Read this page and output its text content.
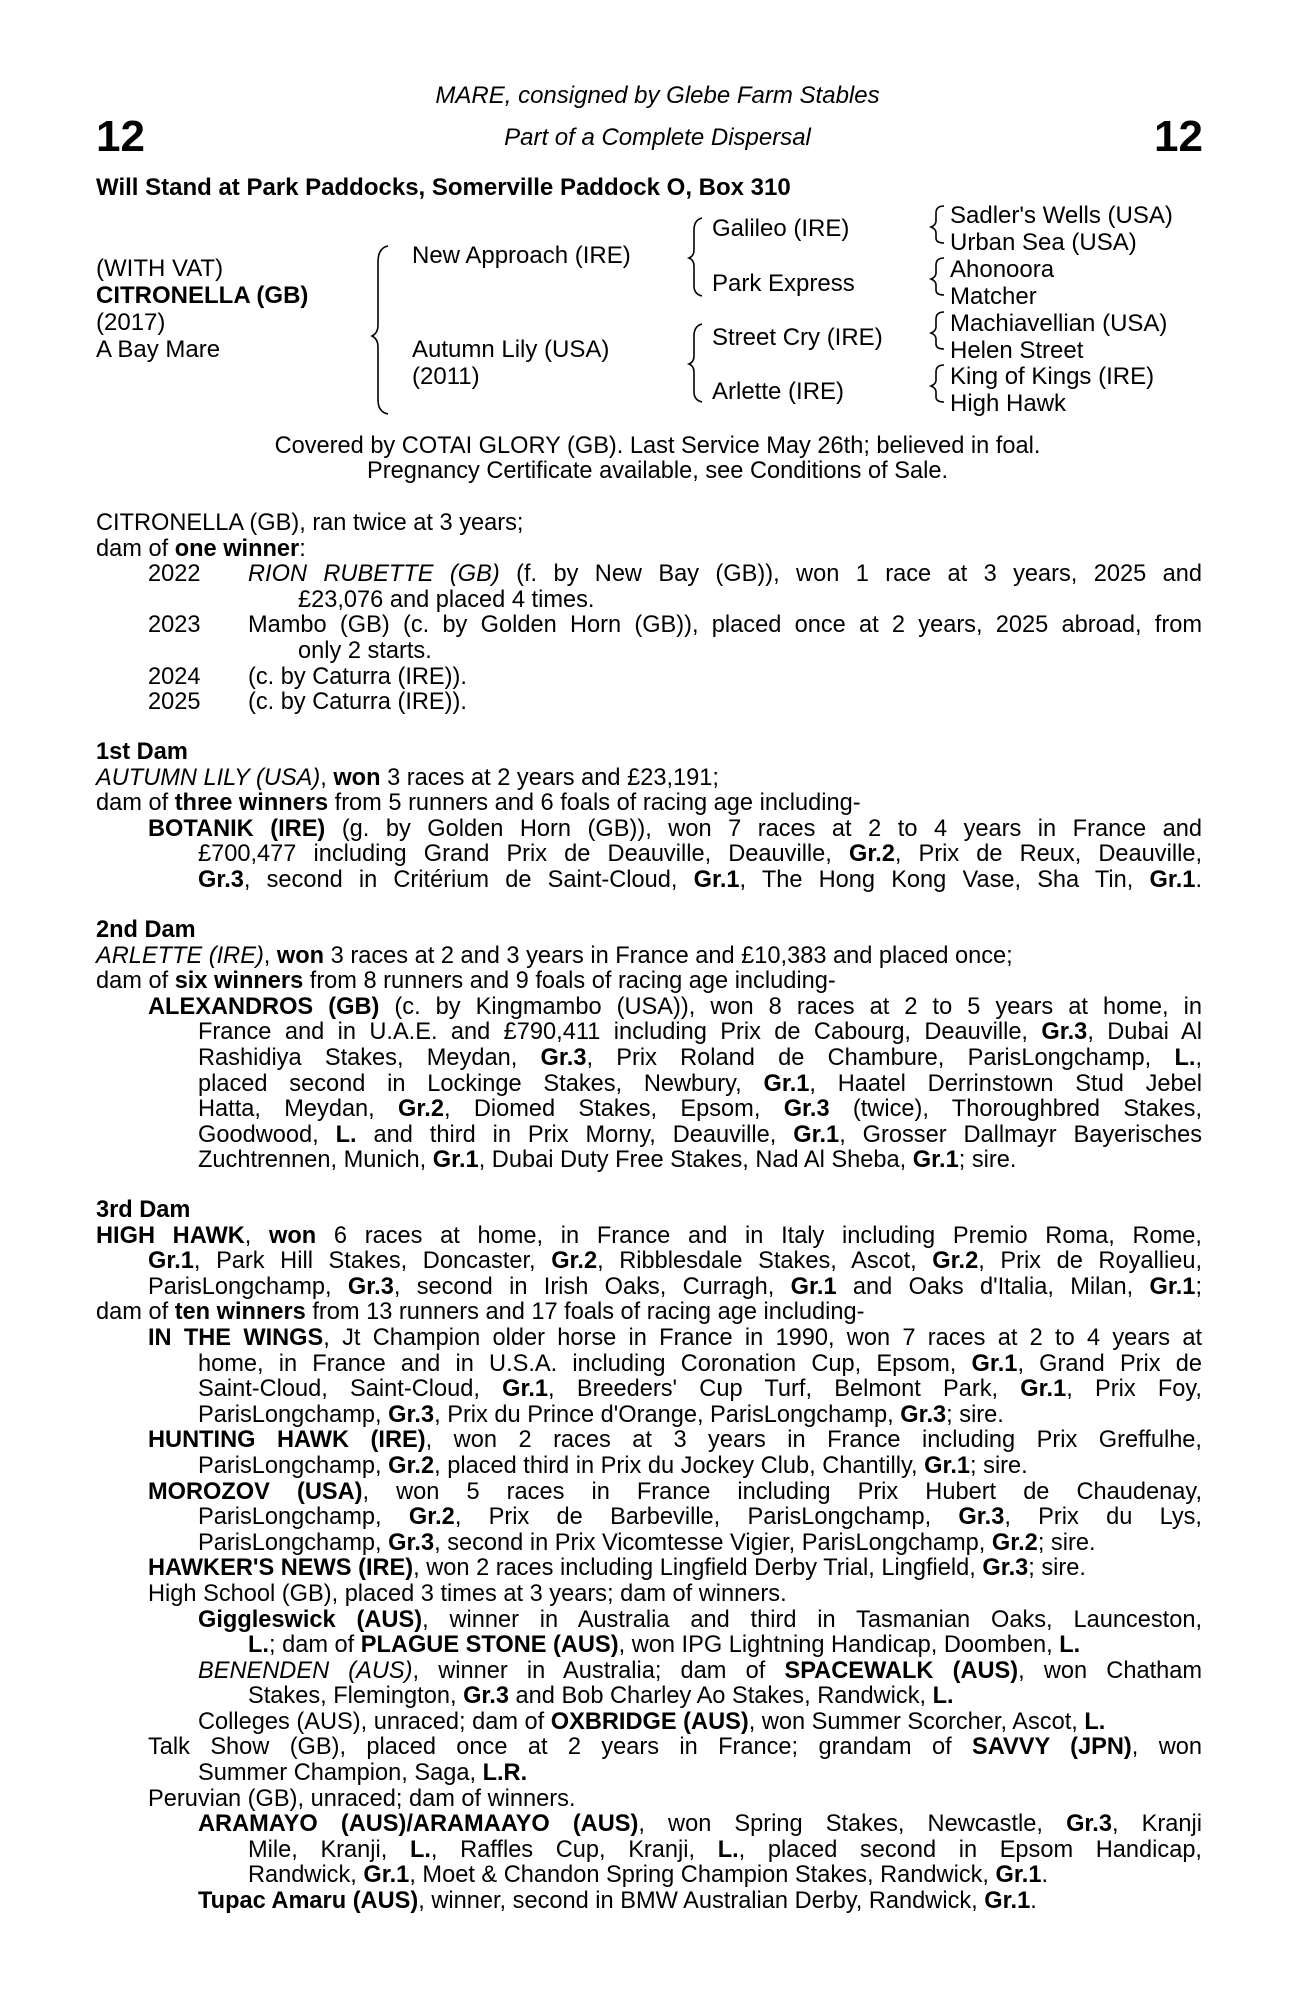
12	12
MARE, consigned by Glebe Farm Stables
Part of a Complete Dispersal
Will Stand at Park Paddocks, Somerville Paddock O, Box 310
(WITH VAT)
CITRONELLA (GB)
(2017)
A Bay Mare
New Approach (IRE)
Autumn Lily (USA)
(2011)
Galileo (IRE)
Park Express
Street Cry (IRE)
Arlette (IRE)
Sadler's Wells (USA)
Urban Sea (USA)
Ahonoora
Matcher
Machiavellian (USA)
Helen Street
King of Kings (IRE)
High Hawk
Covered by COTAI GLORY (GB). Last Service May 26th; believed in foal.
Pregnancy Certificate available, see Conditions of Sale.
CITRONELLA (GB), ran twice at 3 years;
dam of one winner:
2022 RION RUBETTE (GB) (f. by New Bay (GB)), won 1 race at 3 years, 2025 and
£23,076 and placed 4 times.
2023 Mambo (GB) (c. by Golden Horn (GB)), placed once at 2 years, 2025 abroad, from
only 2 starts.
2024 (c. by Caturra (IRE)).
2025 (c. by Caturra (IRE)).
1st Dam
AUTUMN LILY (USA), won 3 races at 2 years and £23,191;
dam of three winners from 5 runners and 6 foals of racing age including-
BOTANIK (IRE) (g. by Golden Horn (GB)), won 7 races at 2 to 4 years in France and
£700,477 including Grand Prix de Deauville, Deauville, Gr.2, Prix de Reux, Deauville,
Gr.3, second in Critérium de Saint-Cloud, Gr.1, The Hong Kong Vase, Sha Tin, Gr.1.
2nd Dam
ARLETTE (IRE), won 3 races at 2 and 3 years in France and £10,383 and placed once;
dam of six winners from 8 runners and 9 foals of racing age including-
ALEXANDROS (GB) (c. by Kingmambo (USA)), won 8 races at 2 to 5 years at home, in
France and in U.A.E. and £790,411 including Prix de Cabourg, Deauville, Gr.3, Dubai Al
Rashidiya Stakes, Meydan, Gr.3, Prix Roland de Chambure, ParisLongchamp, L.,
placed second in Lockinge Stakes, Newbury, Gr.1, Haatel Derrinstown Stud Jebel
Hatta, Meydan, Gr.2, Diomed Stakes, Epsom, Gr.3 (twice), Thoroughbred Stakes,
Goodwood, L. and third in Prix Morny, Deauville, Gr.1, Grosser Dallmayr Bayerisches
Zuchtrennen, Munich, Gr.1, Dubai Duty Free Stakes, Nad Al Sheba, Gr.1; sire.
3rd Dam
HIGH HAWK, won 6 races at home, in France and in Italy including Premio Roma, Rome,
Gr.1, Park Hill Stakes, Doncaster, Gr.2, Ribblesdale Stakes, Ascot, Gr.2, Prix de Royallieu,
ParisLongchamp, Gr.3, second in Irish Oaks, Curragh, Gr.1 and Oaks d'Italia, Milan, Gr.1;
dam of ten winners from 13 runners and 17 foals of racing age including-
IN THE WINGS, Jt Champion older horse in France in 1990, won 7 races at 2 to 4 years at
home, in France and in U.S.A. including Coronation Cup, Epsom, Gr.1, Grand Prix de
Saint-Cloud, Saint-Cloud, Gr.1, Breeders' Cup Turf, Belmont Park, Gr.1, Prix Foy,
ParisLongchamp, Gr.3, Prix du Prince d'Orange, ParisLongchamp, Gr.3; sire.
HUNTING HAWK (IRE), won 2 races at 3 years in France including Prix Greffulhe,
ParisLongchamp, Gr.2, placed third in Prix du Jockey Club, Chantilly, Gr.1; sire.
MOROZOV (USA), won 5 races in France including Prix Hubert de Chaudenay,
ParisLongchamp, Gr.2, Prix de Barbeville, ParisLongchamp, Gr.3, Prix du Lys,
ParisLongchamp, Gr.3, second in Prix Vicomtesse Vigier, ParisLongchamp, Gr.2; sire.
HAWKER'S NEWS (IRE), won 2 races including Lingfield Derby Trial, Lingfield, Gr.3; sire.
High School (GB), placed 3 times at 3 years; dam of winners.
Giggleswick (AUS), winner in Australia and third in Tasmanian Oaks, Launceston,
L.; dam of PLAGUE STONE (AUS), won IPG Lightning Handicap, Doomben, L.
BENENDEN (AUS), winner in Australia; dam of SPACEWALK (AUS), won Chatham
Stakes, Flemington, Gr.3 and Bob Charley Ao Stakes, Randwick, L.
Colleges (AUS), unraced; dam of OXBRIDGE (AUS), won Summer Scorcher, Ascot, L.
Talk Show (GB), placed once at 2 years in France; grandam of SAVVY (JPN), won
Summer Champion, Saga, L.R.
Peruvian (GB), unraced; dam of winners.
ARAMAYO (AUS)/ARAMAAYO (AUS), won Spring Stakes, Newcastle, Gr.3, Kranji
Mile, Kranji, L., Raffles Cup, Kranji, L., placed second in Epsom Handicap,
Randwick, Gr.1, Moet & Chandon Spring Champion Stakes, Randwick, Gr.1.
Tupac Amaru (AUS), winner, second in BMW Australian Derby, Randwick, Gr.1.
